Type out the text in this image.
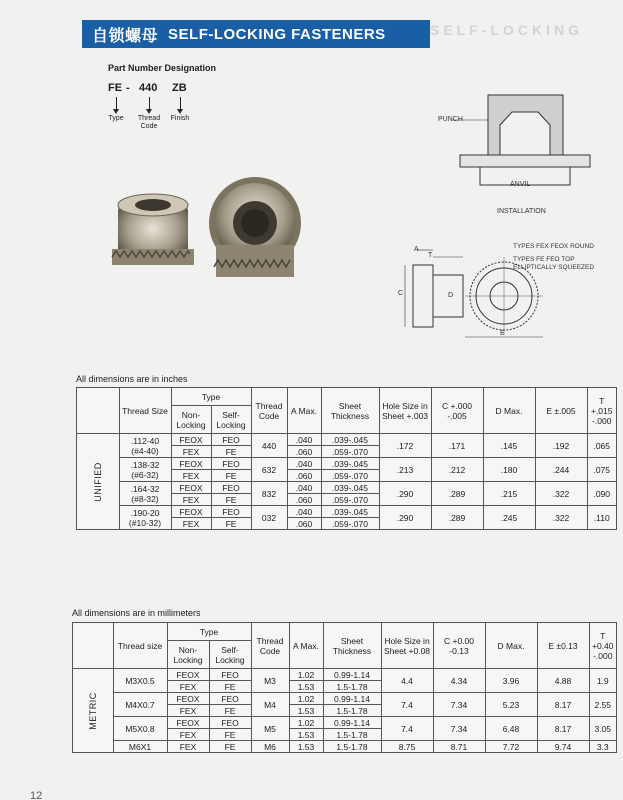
自锁螺母 SELF-LOCKING FASTENERS	SELF-LOCKING
Part Number Designation
FE - 440 ZB
Type	Thread Code
Finish	PUNCH
ANVIL
INSTALLATION
A
T
C	D
E
TYPES FEX FEOX ROUND
TYPES FE FEO TOP
ELLIPTICALLY SQUEEZED
All dimensions are in inches
	Thread Size	Type		Thread Code	A Max.	Sheet Thickness	Hole Size in Sheet +.003	C +.000 -.005	D Max.	E ±.005	T +.015 -.000
		Non-Locking	Self-Locking								
UNIFIED	.112-40
(#4-40)	FEOX	FEO	440	.040	.039-.045	.172	.171	.145	.192	.065
		FEX	FE		.060	.059-.070					

	.138-32
(#6-32)	FEOX	FEO	632	.040	.039-.045	.213	.212	.180	.244	.075
		FEX	FE		.060	.059-.070					

	.164-32
(#8-32)	FEOX	FEO	832	.040	.039-.045	.290	.289	.215	.322	.090
		FEX	FE		.060	.059-.070					

	.190-20
(#10-32)	FEOX	FEO	032	.040	.039-.045	.290	.289	.245	.322	.110
		FEX	FE		.060	.059-.070					
All dimensions are in millimeters
	Thread size	Type		Thread Code	A Max.	Sheet Thickness	Hole Size in Sheet +0.08	C +0.00 -0.13	D Max.	E ±0.13	T +0.40 -.000
		Non-Locking	Self-Locking								
METRIC	M3X0.5	FEOX	FEO	M3	1.02	0.99-1.14	4.4	4.34	3.96	4.88	1.9
		FEX	FE		1.53	1.5-1.78					

	M4X0.7	FEOX	FEO	M4	1.02	0.99-1.14	7.4	7.34	5.23	8.17	2.55
		FEX	FE		1.53	1.5-1.78					

	M5X0.8	FEOX	FEO	M5	1.02	0.99-1.14	7.4	7.34	6.48	8.17	3.05
		FEX	FE		1.53	1.5-1.78					

	M6X1	FEX	FE	M6	1.53	1.5-1.78	8.75	8.71	7.72	9.74	3.3
12
